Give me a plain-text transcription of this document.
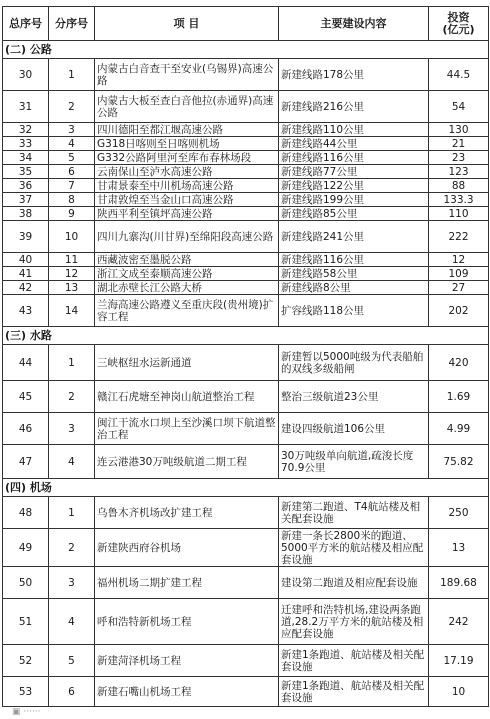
总序号	分序号	项 目	主要建设内容	投资
(亿元)
(二) 公路				
30	1	内蒙古白音查干至安业(乌锡界)高速公路	新建线路178公里	44.5
31	2	内蒙古大板至查白音他拉(赤通界)高速公路	新建线路216公里	54
32	3	四川德阳至都江堰高速公路	新建线路110公里	130
33	4	G318日喀则至日喀则机场	新建线路44公里	21
34	5	G332公路阿里河至库布春林场段	新建线路116公里	23
35	6	云南保山至泸水高速公路	新建线路77公里	123
36	7	甘肃景泰至中川机场高速公路	新建线路122公里	88
37	8	甘肃敦煌至当金山口高速公路	新建线路199公里	133.3
38	9	陕西平利至镇坪高速公路	新建线路85公里	110
39	10	四川九寨沟(川甘界)至绵阳段高速公路	新建线路241公里	222
40	11	西藏波密至墨脱公路	新建线路116公里	12
41	12	浙江文成至泰顺高速公路	新建线路58公里	109
42	13	湖北赤壁长江公路大桥	新建线路8公里	27
43	14	兰海高速公路遵义至重庆段(贵州境)扩容工程	扩容线路118公里	202
(三) 水路				
44	1	三峡枢纽水运新通道	新建暂以5000吨级为代表船舶的双线多级船闸	420
45	2	赣江石虎塘至神岗山航道整治工程	整治三级航道23公里	1.69
46	3	闽江干流水口坝上至沙溪口坝下航道整治工程	建设四级航道106公里	4.99
47	4	连云港港30万吨级航道二期工程	30万吨级单向航道,疏浚长度70.9公里	75.82
(四) 机场				
48	1	乌鲁木齐机场改扩建工程	新建第二跑道、T4航站楼及相关配套设施	250
49	2	新建陕西府谷机场	新建一条长2800米的跑道、5000平方米的航站楼及相应配套设施	13
50	3	福州机场二期扩建工程	建设第二跑道及相应配套设施	189.68
51	4	呼和浩特新机场工程	迁建呼和浩特机场,建设两条跑道,28.2万平方米的航站楼及相应配套设施	242
52	5	新建菏泽机场工程	新建1条跑道、航站楼及相关配套设施	17.19
53	6	新建石嘴山机场工程	新建1条跑道、航站楼及相关配套设施	10
▣ ······
